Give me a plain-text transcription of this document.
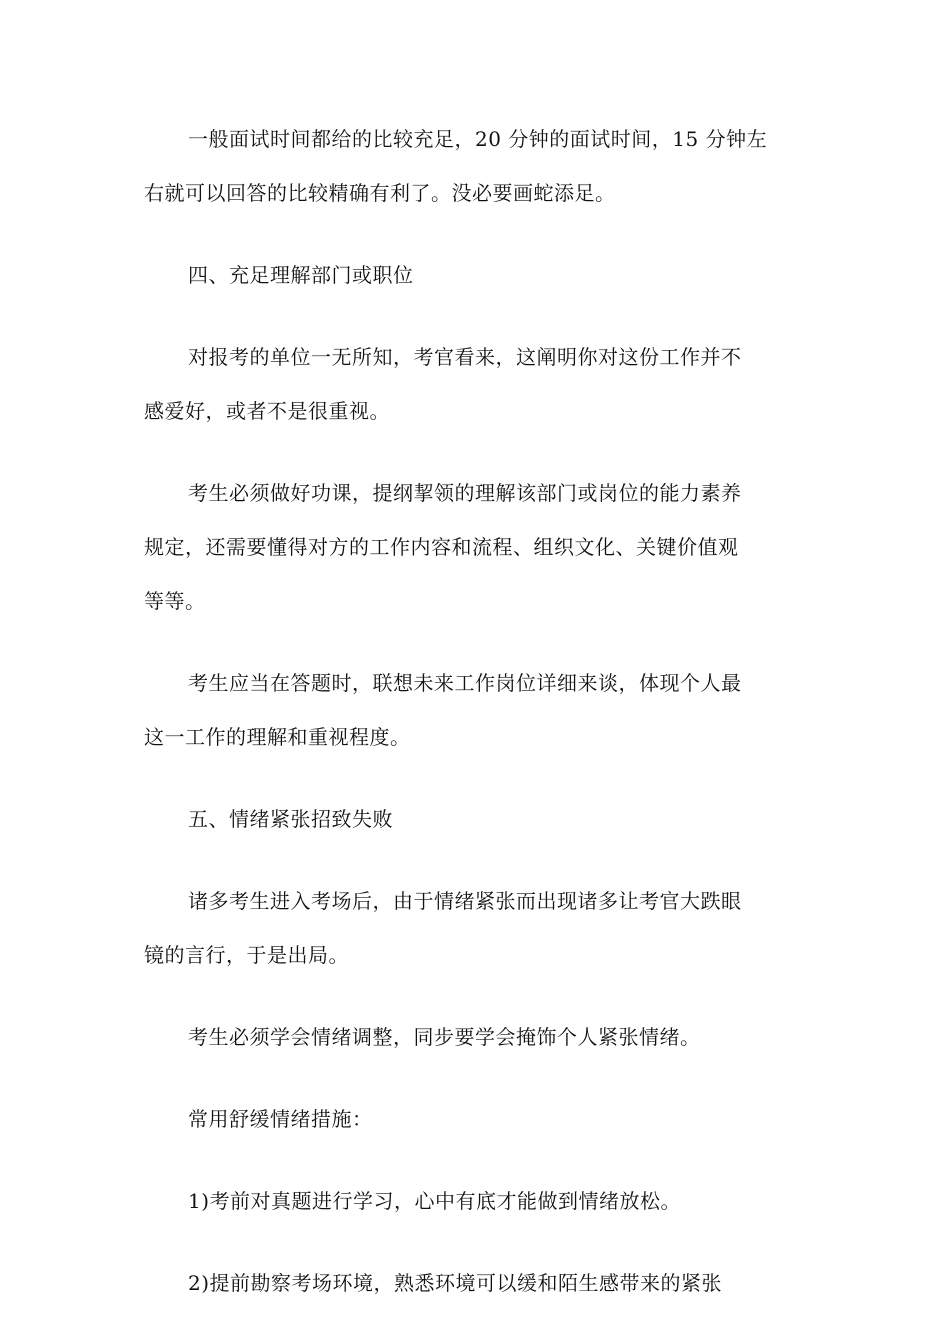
一般面试时间都给的比较充足，20 分钟的面试时间，15 分钟左
右就可以回答的比较精确有利了。没必要画蛇添足。

四、充足理解部门或职位

对报考的单位一无所知，考官看来，这阐明你对这份工作并不
感爱好，或者不是很重视。

考生必须做好功课，提纲挈领的理解该部门或岗位的能力素养
规定，还需要懂得对方的工作内容和流程、组织文化、关键价值观
等等。

考生应当在答题时，联想未来工作岗位详细来谈，体现个人最
这一工作的理解和重视程度。

五、情绪紧张招致失败

诸多考生进入考场后，由于情绪紧张而出现诸多让考官大跌眼
镜的言行，于是出局。

考生必须学会情绪调整，同步要学会掩饰个人紧张情绪。

常用舒缓情绪措施：

1)考前对真题进行学习，心中有底才能做到情绪放松。

2)提前勘察考场环境，熟悉环境可以缓和陌生感带来的紧张
